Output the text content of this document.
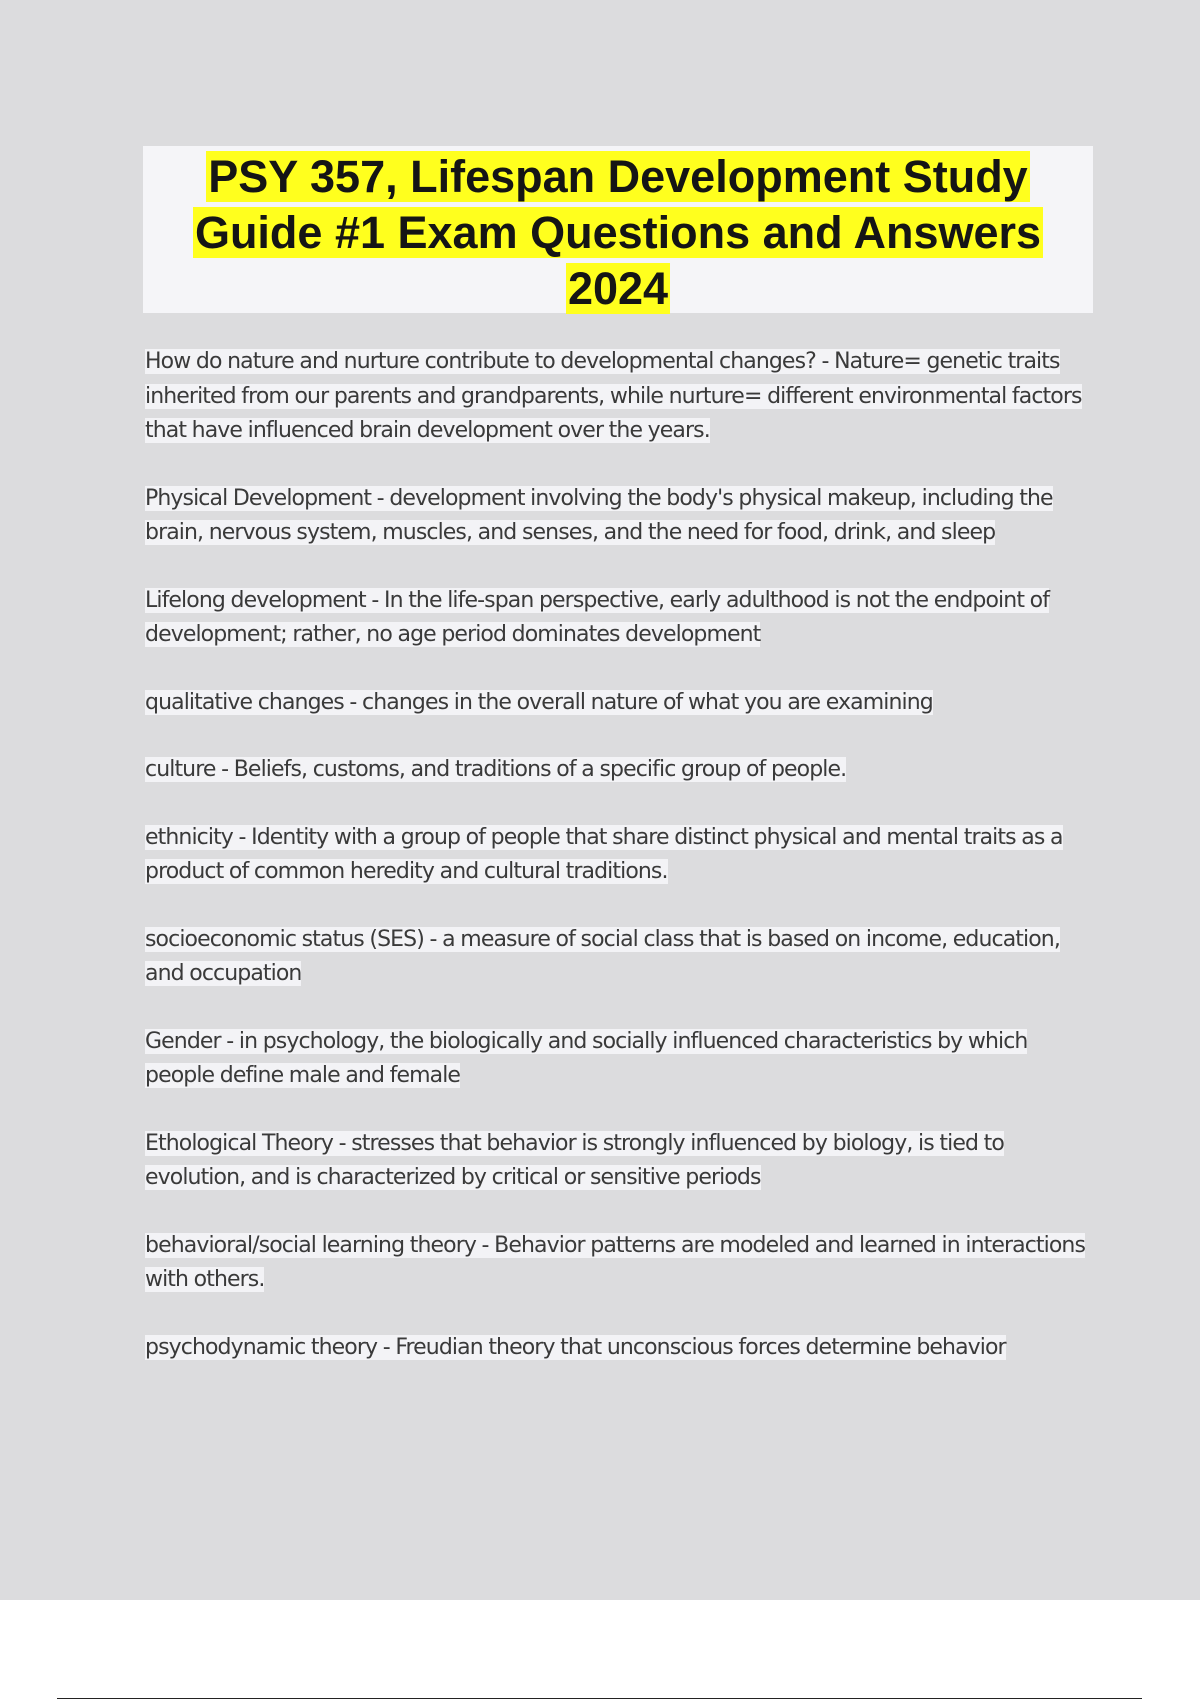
PSY 357, Lifespan Development Study
Guide #1 Exam Questions and Answers
2024

How do nature and nurture contribute to developmental changes? - Nature= genetic traits inherited from our parents and grandparents, while nurture= different environmental factors that have influenced brain development over the years.

Physical Development - development involving the body's physical makeup, including the brain, nervous system, muscles, and senses, and the need for food, drink, and sleep

Lifelong development - In the life-span perspective, early adulthood is not the endpoint of development; rather, no age period dominates development

qualitative changes - changes in the overall nature of what you are examining

culture - Beliefs, customs, and traditions of a specific group of people.

ethnicity - Identity with a group of people that share distinct physical and mental traits as a product of common heredity and cultural traditions.

socioeconomic status (SES) - a measure of social class that is based on income, education, and occupation

Gender - in psychology, the biologically and socially influenced characteristics by which people define male and female

Ethological Theory - stresses that behavior is strongly influenced by biology, is tied to evolution, and is characterized by critical or sensitive periods

behavioral/social learning theory - Behavior patterns are modeled and learned in interactions with others.

psychodynamic theory - Freudian theory that unconscious forces determine behavior
